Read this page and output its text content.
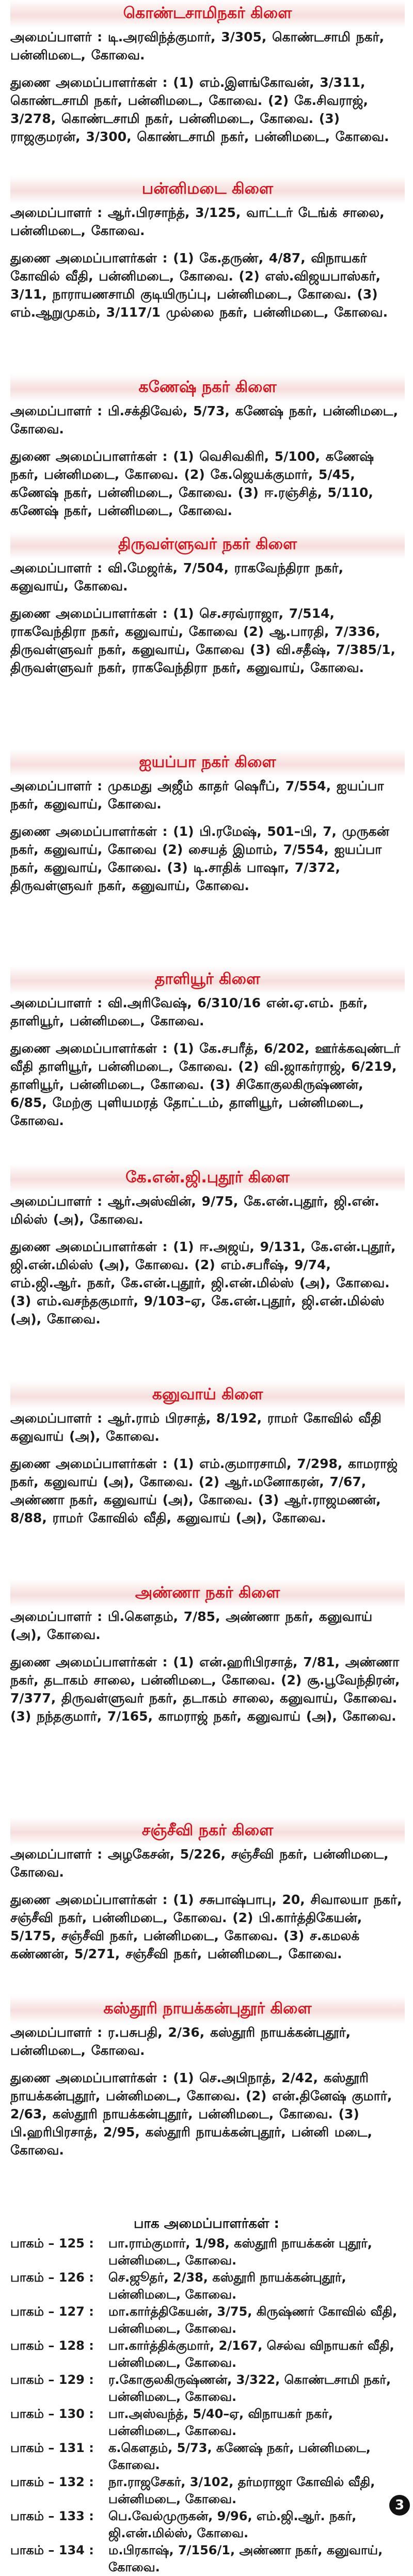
கொண்டசாமிநகர் கிளை
அமைப்பாளர் : டி.அரவிந்த்குமார், 3/305, கொண்டசாமி நகர், பன்னிமடை, கோவை.
துணை அமைப்பாளர்கள் : (1) எம்.இளங்கோவன், 3/311, கொண்டசாமி நகர், பன்னிமடை, கோவை. (2) கே.சிவராஜ், 3/278, கொண்டசாமி நகர், பன்னிமடை, கோவை. (3) ராஜகுமரன், 3/300, கொண்டசாமி நகர், பன்னிமடை, கோவை.
பன்னிமடை கிளை
அமைப்பாளர் : ஆர்.பிரசாந்த், 3/125, வாட்டர் டேங்க் சாலை, பன்னிமடை, கோவை.
துணை அமைப்பாளர்கள் : (1) கே.தருண், 4/87, விநாயகர் கோவில் வீதி, பன்னிமடை, கோவை. (2) எஸ்.விஜயபாஸ்கர், 3/11, நாராயணசாமி குடியிருப்பு, பன்னிமடை, கோவை. (3) எம்.ஆறுமுகம், 3/117/1 முல்லை நகர், பன்னிமடை, கோவை.
கணேஷ் நகர் கிளை
அமைப்பாளர் : பி.சக்திவேல், 5/73, கணேஷ் நகர், பன்னிமடை, கோவை.
துணை அமைப்பாளர்கள் : (1) வெசிவகிரி, 5/100, கணேஷ் நகர், பன்னிமடை, கோவை. (2) கே.ஜெயக்குமார், 5/45, கணேஷ் நகர், பன்னிமடை, கோவை. (3) ஈ.ரஞ்சித், 5/110, கணேஷ் நகர், பன்னிமடை, கோவை.
திருவள்ளுவர் நகர் கிளை
அமைப்பாளர் : வி.மேஜர்க், 7/504, ராகவேந்திரா நகர், கனுவாய், கோவை.
துணை அமைப்பாளர்கள் : (1) செ.சரவ்ராஜா, 7/514, ராகவேந்திரா நகர், கனுவாய், கோவை (2) ஆ.பாரதி, 7/336, திருவள்ளுவர் நகர், கனுவாய், கோவை (3) வி.சதீஷ், 7/385/1, திருவள்ளுவர் நகர், ராகவேந்திரா நகர், கனுவாய், கோவை.
ஐயப்பா நகர் கிளை
அமைப்பாளர் : முகமது அஜீம் காதர் ஷெரீப், 7/554, ஐயப்பா நகர், கனுவாய், கோவை.
துணை அமைப்பாளர்கள் : (1) பி.ரமேஷ், 501–பி, 7, முருகன் நகர், கனுவாய், கோவை (2) சையத் இமாம், 7/554, ஐயப்பா நகர், கனுவாய், கோவை. (3) டி.சாதிக் பாஷா, 7/372, திருவள்ளுவர் நகர், கனுவாய், கோவை.
தாளியூர் கிளை
அமைப்பாளர் : வி.அரிவேஷ், 6/310/16 என்.ஏ.எம். நகர், தாளியூர், பன்னிமடை, கோவை.
துணை அமைப்பாளர்கள் : (1) கே.சபரீத், 6/202, ஊர்க்கவுண்டர் வீதி தாளியூர், பன்னிமடை, கோவை. (2) வி.ஜாகர்ராஜ், 6/219, தாளியூர், பன்னிமடை, கோவை. (3) சிகோகுலகிருஷ்ணன், 6/85, மேற்கு புளியமரத் தோட்டம், தாளியூர், பன்னிமடை, கோவை.
கே.என்.ஜி.புதூர் கிளை
அமைப்பாளர் : ஆர்.அஸ்வின், 9/75, கே.என்.புதூர், ஜி.என். மில்ஸ் (அ), கோவை.
துணை அமைப்பாளர்கள் : (1) ஈ.அஜய், 9/131, கே.என்.புதூர், ஜி.என்.மில்ஸ் (அ), கோவை. (2) எம்.சபரீஷ், 9/74, எம்.ஜி.ஆர். நகர், கே.என்.புதூர், ஜி.என்.மில்ஸ் (அ), கோவை. (3) எம்.வசந்தகுமார், 9/103–ஏ, கே.என்.புதூர், ஜி.என்.மில்ஸ் (அ), கோவை.
கனுவாய் கிளை
அமைப்பாளர் : ஆர்.ராம் பிரசாத், 8/192, ராமர் கோவில் வீதி கனுவாய் (அ), கோவை.
துணை அமைப்பாளர்கள் : (1) எம்.குமாரசாமி, 7/298, காமராஜ் நகர், கனுவாய் (அ), கோவை. (2) ஆர்.மனோகரன், 7/67, அண்ணா நகர், கனுவாய் (அ), கோவை. (3) ஆர்.ராஜமணன், 8/88, ராமர் கோவில் வீதி, கனுவாய் (அ), கோவை.
அண்ணா நகர் கிளை
அமைப்பாளர் : பி.கௌதம், 7/85, அண்ணா நகர், கனுவாய் (அ), கோவை.
துணை அமைப்பாளர்கள் : (1) என்.ஹரிபிரசாத், 7/81, அண்ணா நகர், தடாகம் சாலை, பன்னிமடை, கோவை. (2) சூ.பூவேந்திரன், 7/377, திருவள்ளுவர் நகர், தடாகம் சாலை, கனுவாய், கோவை. (3) நந்தகுமார், 7/165, காமராஜ் நகர், கனுவாய் (அ), கோவை.
சஞ்சீவி நகர் கிளை
அமைப்பாளர் : அழகேசன், 5/226, சஞ்சீவி நகர், பன்னிமடை, கோவை.
துணை அமைப்பாளர்கள் : (1) சசுபாஷ்பாபு, 20, சிவாலயா நகர், சஞ்சீவி நகர், பன்னிமடை, கோவை. (2) பி.கார்த்திகேயன், 5/175, சஞ்சீவி நகர், பன்னிமடை, கோவை. (3) ச.கமலக் கண்ணன், 5/271, சஞ்சீவி நகர், பன்னிமடை, கோவை.
கஸ்தூரி நாயக்கன்புதூர் கிளை
அமைப்பாளர் : ர.பசுபதி, 2/36, கஸ்தூரி நாயக்கன்புதூர், பன்னிமடை, கோவை.
துணை அமைப்பாளர்கள் : (1) செ.அபிநாத், 2/42, கஸ்தூரி நாயக்கன்புதூர், பன்னிமடை, கோவை. (2) என்.தினேஷ் குமார், 2/63, கஸ்தூரி நாயக்கன்புதூர், பன்னிமடை, கோவை. (3) பி.ஹரிபிரசாத், 2/95, கஸ்தூரி நாயக்கன்புதூர், பன்னி மடை, கோவை.
பாக அமைப்பாளர்கள் :
பாகம் – 125 :	பா.ராம்குமார், 1/98, கஸ்தூரி நாயக்கன் புதூர், பன்னிமடை, கோவை.
பாகம் – 126 :	செ.ஜூதர், 2/38, கஸ்தூரி நாயக்கன்புதூர், பன்னிமடை, கோவை.
பாகம் – 127 :	மா.கார்த்திகேயன், 3/75, கிருஷ்ணர் கோவில் வீதி, பன்னிமடை, கோவை.
பாகம் – 128 :	பா.கார்த்திக்குமார், 2/167, செல்வ விநாயகர் வீதி, பன்னிமடை, கோவை.
பாகம் – 129 :	ர.கோகுலகிருஷ்ணன், 3/322, கொண்டசாமி நகர், பன்னிமடை, கோவை.
பாகம் – 130 :	பா.அஸ்வந்த், 5/40–ஏ, விநாயகர் நகர், பன்னிமடை, கோவை.
பாகம் – 131 :	க.கௌதம், 5/73, கணேஷ் நகர், பன்னிமடை, கோவை.
பாகம் – 132 :	நா.ராஜசேகர், 3/102, தர்மராஜா கோவில் வீதி, பன்னிமடை, கோவை.
பாகம் – 133 :	பெ.வேல்முருகன், 9/96, எம்.ஜி.ஆர். நகர், ஜி.என்.மில்ஸ், கோவை.
பாகம் – 134 :	ம.பிரகாஷ், 7/156/1, அண்ணா நகர், கனுவாய், கோவை.
3
